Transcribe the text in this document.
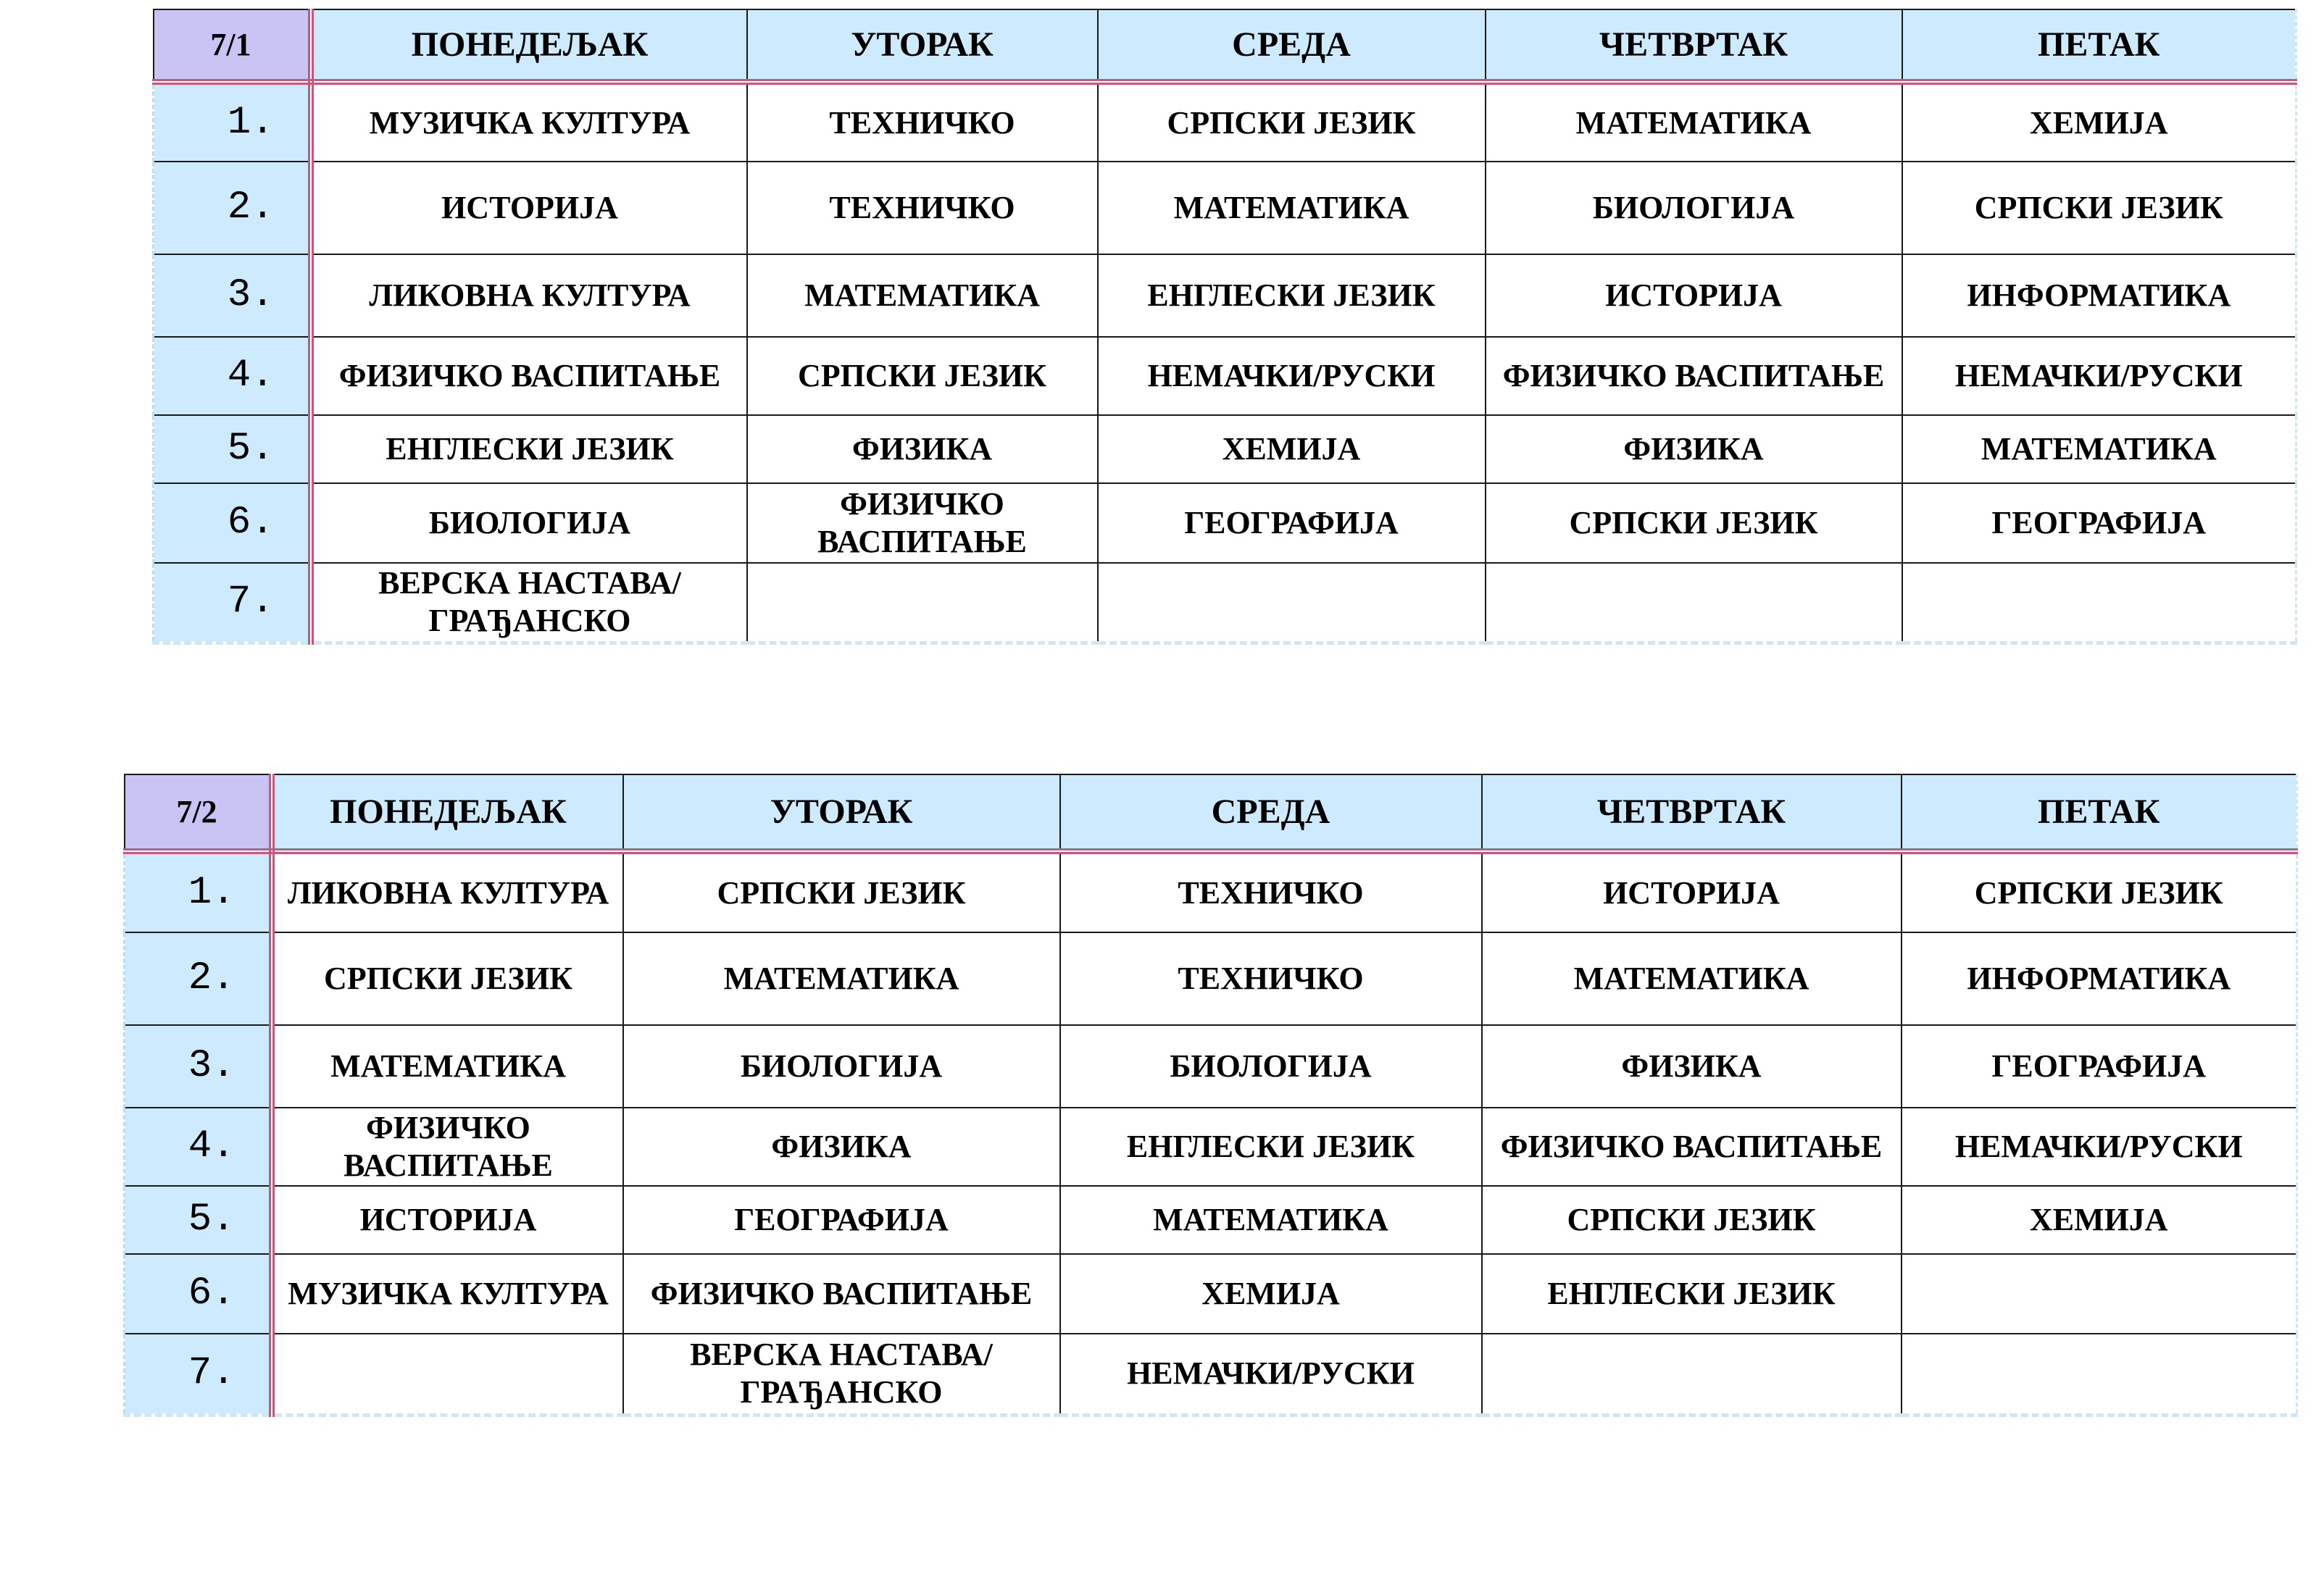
7/1	ПОНЕДЕЉАК	УТОРАК	СРЕДА	ЧЕТВРТАК	ПЕТАК
1.	МУЗИЧКА КУЛТУРА	ТЕХНИЧКО	СРПСКИ ЈЕЗИК	МАТЕМАТИКА	ХЕМИЈА
2.	ИСТОРИЈА	ТЕХНИЧКО	МАТЕМАТИКА	БИОЛОГИЈА	СРПСКИ ЈЕЗИК
3.	ЛИКОВНА КУЛТУРА	МАТЕМАТИКА	ЕНГЛЕСКИ ЈЕЗИК	ИСТОРИЈА	ИНФОРМАТИКА
4.	ФИЗИЧКО ВАСПИТАЊЕ	СРПСКИ ЈЕЗИК	НЕМАЧКИ/РУСКИ	ФИЗИЧКО ВАСПИТАЊЕ	НЕМАЧКИ/РУСКИ
5.	ЕНГЛЕСКИ ЈЕЗИК	ФИЗИКА	ХЕМИЈА	ФИЗИКА	МАТЕМАТИКА
6.	БИОЛОГИЈА	ФИЗИЧКО ВАСПИТАЊЕ	ГЕОГРАФИЈА	СРПСКИ ЈЕЗИК	ГЕОГРАФИЈА
7.	ВЕРСКА НАСТАВА/ГРАЂАНСКО				
7/2	ПОНЕДЕЉАК	УТОРАК	СРЕДА	ЧЕТВРТАК	ПЕТАК
1.	ЛИКОВНА КУЛТУРА	СРПСКИ ЈЕЗИК	ТЕХНИЧКО	ИСТОРИЈА	СРПСКИ ЈЕЗИК
2.	СРПСКИ ЈЕЗИК	МАТЕМАТИКА	ТЕХНИЧКО	МАТЕМАТИКА	ИНФОРМАТИКА
3.	МАТЕМАТИКА	БИОЛОГИЈА	БИОЛОГИЈА	ФИЗИКА	ГЕОГРАФИЈА
4.	ФИЗИЧКО ВАСПИТАЊЕ	ФИЗИКА	ЕНГЛЕСКИ ЈЕЗИК	ФИЗИЧКО ВАСПИТАЊЕ	НЕМАЧКИ/РУСКИ
5.	ИСТОРИЈА	ГЕОГРАФИЈА	МАТЕМАТИКА	СРПСКИ ЈЕЗИК	ХЕМИЈА
6.	МУЗИЧКА КУЛТУРА	ФИЗИЧКО ВАСПИТАЊЕ	ХЕМИЈА	ЕНГЛЕСКИ ЈЕЗИК	
7.		ВЕРСКА НАСТАВА/ГРАЂАНСКО	НЕМАЧКИ/РУСКИ		
